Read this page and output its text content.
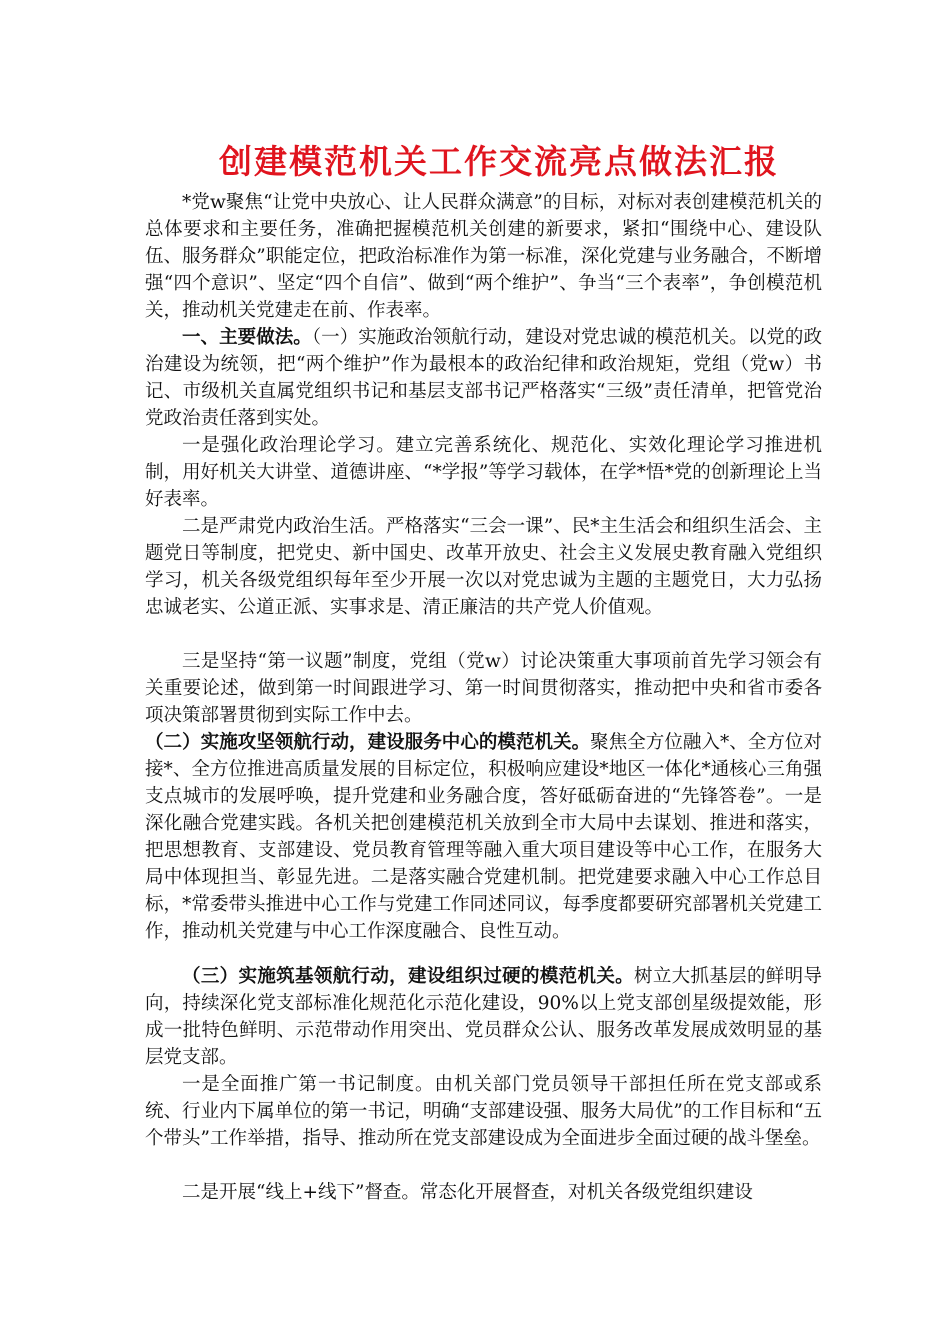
创建模范机关工作交流亮点做法汇报

*党w聚焦“让党中央放心、让人民群众满意”的目标，对标对表创建模范机关的总体要求和主要任务，准确把握模范机关创建的新要求，紧扣“围绕中心、建设队伍、服务群众”职能定位，把政治标准作为第一标准，深化党建与业务融合，不断增强“四个意识”、坚定“四个自信”、做到“两个维护”、争当“三个表率”，争创模范机关，推动机关党建走在前、作表率。

一、主要做法。（一）实施政治领航行动，建设对党忠诚的模范机关。以党的政治建设为统领，把“两个维护”作为最根本的政治纪律和政治规矩，党组（党w）书记、市级机关直属党组织书记和基层支部书记严格落实“三级”责任清单，把管党治党政治责任落到实处。

一是强化政治理论学习。建立完善系统化、规范化、实效化理论学习推进机制，用好机关大讲堂、道德讲座、“*学报”等学习载体，在学*悟*党的创新理论上当好表率。

二是严肃党内政治生活。严格落实“三会一课”、民*主生活会和组织生活会、主题党日等制度，把党史、新中国史、改革开放史、社会主义发展史教育融入党组织学习，机关各级党组织每年至少开展一次以对党忠诚为主题的主题党日，大力弘扬忠诚老实、公道正派、实事求是、清正廉洁的共产党人价值观。

三是坚持“第一议题”制度，党组（党w）讨论决策重大事项前首先学习领会有关重要论述，做到第一时间跟进学习、第一时间贯彻落实，推动把中央和省市委各项决策部署贯彻到实际工作中去。

（二）实施攻坚领航行动，建设服务中心的模范机关。聚焦全方位融入*、全方位对接*、全方位推进高质量发展的目标定位，积极响应建设*地区一体化*通核心三角强支点城市的发展呼唤，提升党建和业务融合度，答好砥砺奋进的“先锋答卷”。一是深化融合党建实践。各机关把创建模范机关放到全市大局中去谋划、推进和落实，把思想教育、支部建设、党员教育管理等融入重大项目建设等中心工作，在服务大局中体现担当、彰显先进。二是落实融合党建机制。把党建要求融入中心工作总目标，*常委带头推进中心工作与党建工作同述同议，每季度都要研究部署机关党建工作，推动机关党建与中心工作深度融合、良性互动。

（三）实施筑基领航行动，建设组织过硬的模范机关。树立大抓基层的鲜明导向，持续深化党支部标准化规范化示范化建设，90%以上党支部创星级提效能，形成一批特色鲜明、示范带动作用突出、党员群众公认、服务改革发展成效明显的基层党支部。

一是全面推广第一书记制度。由机关部门党员领导干部担任所在党支部或系统、行业内下属单位的第一书记，明确“支部建设强、服务大局优”的工作目标和“五个带头”工作举措，指导、推动所在党支部建设成为全面进步全面过硬的战斗堡垒。

二是开展“线上+线下”督查。常态化开展督查，对机关各级党组织建设
